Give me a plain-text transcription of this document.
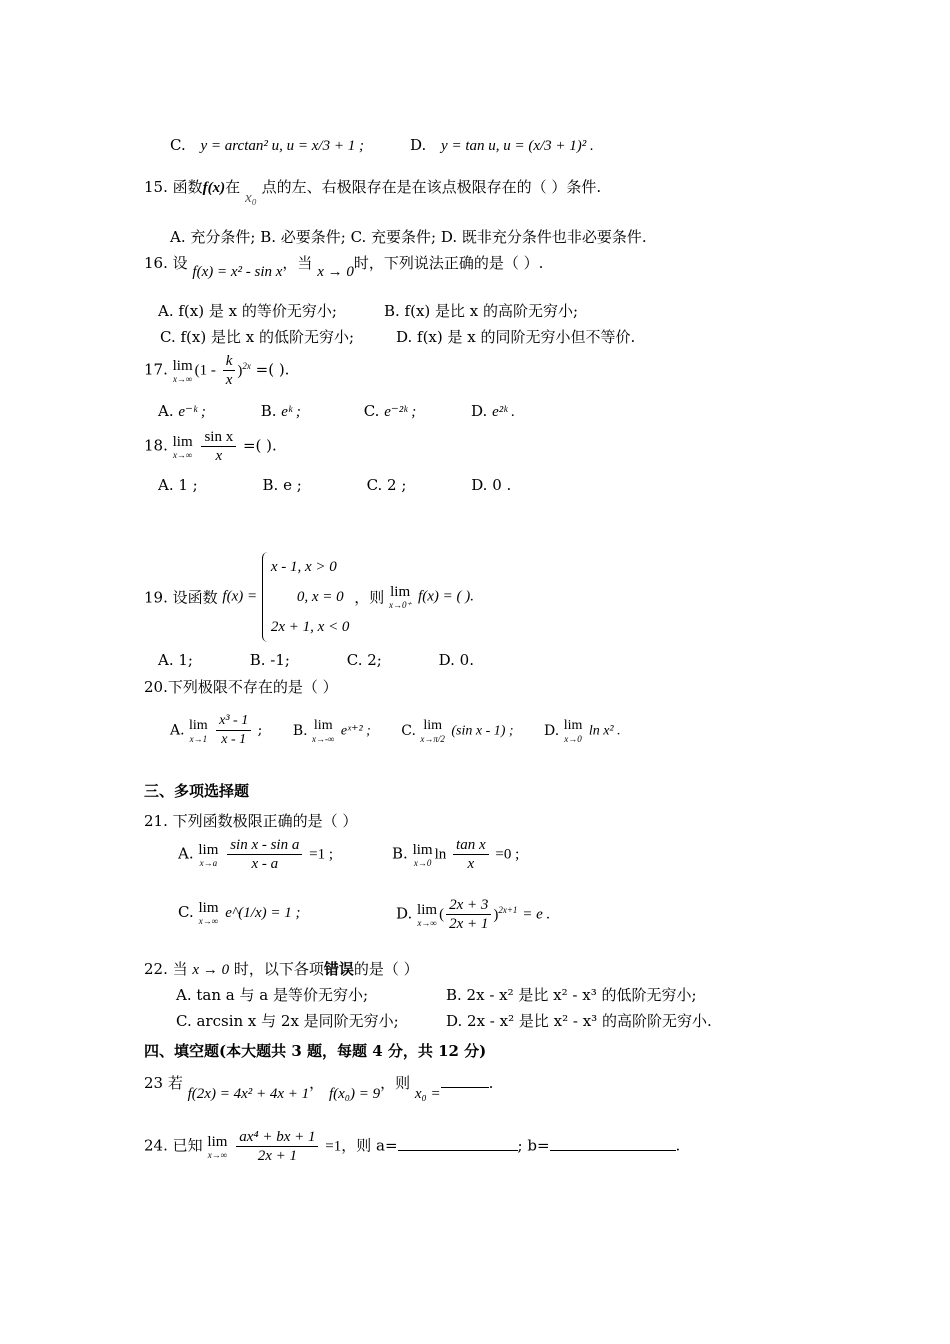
C. y = arctan² u, u = x/3 + 1 ;	D. y = tan u, u = (x/3 + 1)² .
15. 函数f(x)在 x₀ 点的左、右极限存在是在该点极限存在的（ ）条件.
A. 充分条件; B. 必要条件; C. 充要条件; D. 既非充分条件也非必要条件.
16. 设 f(x) = x² - sin x，当 x → 0时，下列说法正确的是（ ）.
A. f(x) 是 x 的等价无穷小;	B. f(x) 是比 x 的高阶无穷小;
C. f(x) 是比 x 的低阶无穷小;	D. f(x) 是 x 的同阶无穷小但不等价.
17. lim
x→∞ $(1 - \frac{k}{x} )^{2x}$ =( ).
A. e⁻ᵏ ;	B. eᵏ ;	C. e⁻²ᵏ ;	D. e²ᵏ .
18. lim
x→∞
$\frac{\text{sin x}}{x}$ =( ).
A. 1 ;	B. e ;	C. 2 ;	D. 0 .
19. 设函数 f(x) =
x - 1, x > 0
0, x = 0
2x + 1, x < 0
，则 lim
x→0⁺
f(x) = ( ).
A. 1;	B. -1;	C. 2;	D. 0.
20.下列极限不存在的是（ ）
A. lim
x→1
$\frac{\text{x³ - 1}}{x - 1}$ ; B. lim
x→-∞ eˣ⁺² ; C. lim
x→π/2 (sin x - 1) ; D. lim
x→0 ln x² .
三、多项选择题
21. 下列函数极限正确的是（ ）
A. lim
x→a
$\frac{\text{sin x - sin a}}{x - a} =1$ ;	B. lim
x→0 $\ln \frac{\text{tan x}}{x} =0$ ;
C. lim
x→∞ e^(1/x) = 1 ;	D. lim
x→∞ ( $\frac{2x + 3}{2x + 1} )^{2x+1} = e$ .
22. 当 x → 0 时，以下各项错误的是（ ）
A. tan a 与 a 是等价无穷小;	B. 2x - x² 是比 x² - x³ 的低阶无穷小;
C. arcsin x 与 2x 是同阶无穷小;	D. 2x - x² 是比 x² - x³ 的高阶阶无穷小.
四、填空题(本大题共 3 题，每题 4 分，共 12 分)
23 若 f(2x) = 4x² + 4x + 1， f(x₀) = 9，则 x₀ =.
24. 已知 lim
x→∞
$\frac{\text{ax⁴ + bx + 1}}{2x + 1} =1$，则 a=	; b=	.
